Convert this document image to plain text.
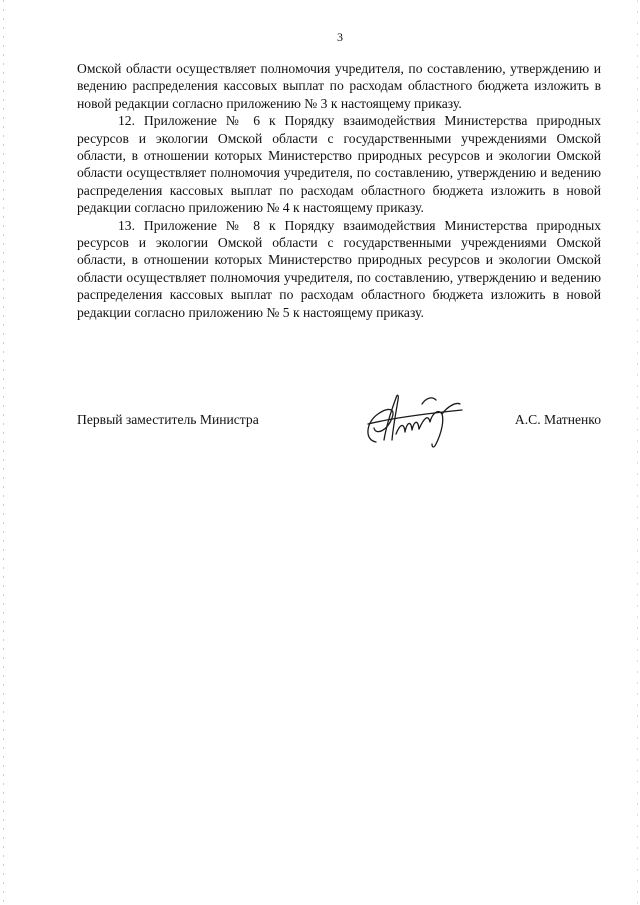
3

Омской области осуществляет полномочия учредителя, по составлению, утверждению и ведению распределения кассовых выплат по расходам областного бюджета изложить в новой редакции согласно приложению № 3 к настоящему приказу.

12. Приложение № 6 к Порядку взаимодействия Министерства природных ресурсов и экологии Омской области с государственными учреждениями Омской области, в отношении которых Министерство природных ресурсов и экологии Омской области осуществляет полномочия учредителя, по составлению, утверждению и ведению распределения кассовых выплат по расходам областного бюджета изложить в новой редакции согласно приложению № 4 к настоящему приказу.

13. Приложение № 8 к Порядку взаимодействия Министерства природных ресурсов и экологии Омской области с государственными учреждениями Омской области, в отношении которых Министерство природных ресурсов и экологии Омской области осуществляет полномочия учредителя, по составлению, утверждению и ведению распределения кассовых выплат по расходам областного бюджета изложить в новой редакции согласно приложению № 5 к настоящему приказу.

Первый заместитель Министра	А.С. Матненко
